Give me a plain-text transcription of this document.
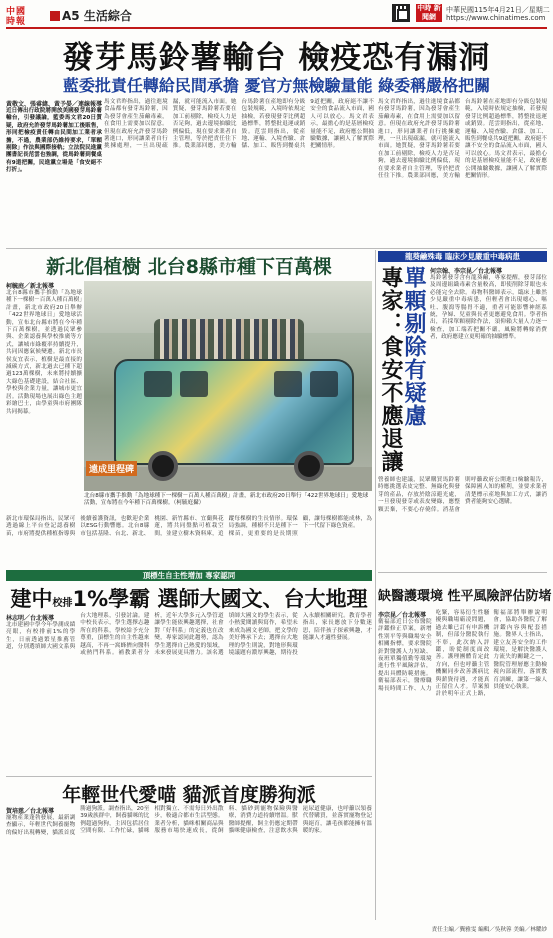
中國
時報	A5 生活綜合
中時 新聞網
中華民國115年4月21日／星期二
https://www.chinatimes.com
發芽馬鈴薯輸台 檢疫恐有漏洞
藍委批責任轉給民間承擔 憂官方無檢驗量能 綠委稱嚴格把關
黃敬文、張睿緯、黃予晏／連線報導
近日傳出行政院將開放美國發芽馬鈴薯輸台，引發議論，藍委馬文君20日質疑，政府允許發芽馬鈴薯加工後販售，形同把檢疫責任轉由民間加工業者承擔，不過，農業部仍維持要求，「單顆剔除」作法與國際接軌；立法院民進黨團書記長范雲也強調，從馬鈴薯到餐桌有9道把關，民進黨立場是「食安絕不打折」。
馬文君昨指出，過往進境食品都有發芽馬鈴薯，因為發芽會產生茄鹼毒素，在食用上需要加以留意。但現在政府允許發芽馬鈴薯進口，形同讓業者自行挑揀處理，一旦出現疏漏，就可能流入市面。她質疑，發芽馬鈴薯若要在加工前剔除，檢疫人力是否足夠，過去邊境抽驗比例偏低，現在要求業者自主管理，等於把責任往下推。農業部回應，美方輸台馬鈴薯在產地即有分級包裝規範，入境時依規定抽檢，若發現發芽比例超過標準，將整批退運或銷毀。范雲則指出，從產地、運輸、入境查驗、倉儲、加工、販售到餐桌共9道把關，政府絕不讓不安全的食品流入市面，國人可以放心。馬文君表示，最擔心的是基層檢疫量能不足，政府應公開抽驗數據，讓國人了解實際把關情形。
馬文君昨指出，過往進境食品都有發芽馬鈴薯，因為發芽會產生茄鹼毒素，在食用上需要加以留意。但現在政府允許發芽馬鈴薯進口，形同讓業者自行挑揀處理，一旦出現疏漏，就可能流入市面。她質疑，發芽馬鈴薯若要在加工前剔除，檢疫人力是否足夠，過去邊境抽驗比例偏低，現在要求業者自主管理，等於把責任往下推。農業部回應，美方輸台馬鈴薯在產地即有分級包裝規範，入境時依規定抽檢，若發現發芽比例超過標準，將整批退運或銷毀。范雲則指出，從產地、運輸、入境查驗、倉儲、加工、販售到餐桌共9道把關，政府絕不讓不安全的食品流入市面，國人可以放心。馬文君表示，最擔心的是基層檢疫量能不足，政府應公開抽驗數據，讓國人了解實際把關情形。
新北倡植樹 北台8縣市種下百萬棵
柯毓庭／新北報導
北台8縣市攜手推動「為地球種下一棵樹－百萬人種百萬樹」計畫，新北市政府20日舉辦「422世界地球日」愛地球活動，宣布北台縣市將在今年種下百萬棵樹，並透過民眾參與、企業認養與學校推廣等方式，讓城市綠覆率持續提升，共同因應氣候變遷。新北市長侯友宜表示，植樹是最直接的減碳方式，新北過去已種下超過123萬棵樹，未來將持續擴大綠色基礎建設，結合社區、學校與企業力量，讓城市更宜居。活動現場也展出綠色主題彩繪巴士，由學童與市府團隊共同揭幕。
遠成里程碑
北台8縣市攜手推動「為地球種下一棵樹－百萬人種百萬樹」計畫，新北市政府20日舉行「422世界地球日」愛地球活動，宣布將在今年種下百萬棵樹。（柯毓庭攝）
新北市環保局指出，民眾可透過線上平台登記認養樹苗，市府將提供種植指導與後續養護資訊，也歡迎企業以ESG行動響應。北台8縣市包括基隆、台北、新北、桃園、新竹縣市、宜蘭與花蓮，將共同盤點可植栽空間，並建立樹木資料庫，追蹤每棵樹的生長情形。環保局強調，種樹不只是種下一棵苗，更重要的是長期照顧，讓每棵樹都能成林，為下一代留下綠色資產。
龍葵鹼殊毒 臨床少見嚴重中毒病患
單顆剔除有疑慮
專家：食安不應退讓	何宗翰、李宗昆／台北報導
馬鈴薯發芽含有龍葵鹼，專家提醒，發芽部位及周邊組織毒素含量較高，即使削除芽眼也未必能完全去除。毒物科醫師表示，臨床上雖然少見嚴重中毒病患，但輕者會出現噁心、嘔吐、腹瀉等腸胃不適，重者可能影響神經系統，孕婦、兒童與長者更應避免食用。學者指出，若採單顆剔除作法，須仰賴大量人力逐一檢查，加工端若把關不嚴，風險將轉嫁消費者，政府應建立更明確的抽驗標準。
營養師也建議，民眾購買馬鈴薯時應挑選表皮完整、無綠化與發芽的產品，存放於陰涼避光處，一旦發現發芽或表皮變綠，應整顆丟棄，不要心存僥倖。消基會則呼籲政府公開進口檢驗報告，保障國人知的權利，並要求業者清楚標示產地與加工方式，讓消費者能夠安心選購。
頂標生自主性增加 專家認同
建中校排1%學霸 選師大國文、台大地理
林志明／台北報導
北市建國中學今年學測成績亮眼，有校排前1%的學生，日前透過繁星推薦管道，分別選填師大國文系與台大地理系，引發討論。建中校長表示，學生選擇志趣所在的科系，學校給予充分尊重，頂標生的自主性越來越高，不再一窩蜂擠向醫科或熱門科系。補教業者分析，近年大學多元入學管道讓學生能依興趣選擇，社會對「好科系」的定義也在改變，專家認同此趨勢，認為學生選擇自己熱愛的領域，未來發展更具潛力。該名選填師大國文的學生表示，從小熱愛閱讀與寫作，希望未來成為國文老師，把文學的美好傳承下去；選擇台大地理的學生則說，對地形與環境議題有濃厚興趣，期待投入永續相關研究。教育學者指出，家長應放下分數迷思，陪伴孩子探索興趣，才能讓人才適性發展。
缺醫護環境 性平風險評估防堵
李宗昆／台北報導
衛福部近日公布醫院評鑑修正草案，新增性別平等與職場安全相關指標，要求醫院針對醫護人力短缺、夜班單獨值勤等環境進行性平風險評估，提出具體防範措施。衛福部表示，醫療職場長時間工作、人力吃緊，容易衍生性騷擾與職場霸凌問題，過去雖已訂有申訴機制，但部分醫院執行不彰，此次納入評鑑，盼從制度面改善。護理團體肯定此方向，但也呼籲主管機關同步改善護病比與薪資待遇，才能真正留住人才。草案預計於明年正式上路，衛福部將舉辦說明會，協助各醫院了解評鑑內容與配套措施。醫界人士指出，建立友善安全的工作環境，是解決醫護人力流失的關鍵之一，醫院管理層應主動檢視內部流程，落實教育訓練，讓第一線人員能安心執業。
年輕世代愛喵 貓派首度勝狗派
賀培慈／台北報導
寵物產業蓬勃發展，最新調查顯示，年輕世代飼養寵物的偏好出現轉變，貓派首度勝過狗派。調查指出，20至39歲族群中，飼養貓咪的比例超過狗狗，主因包括居住空間有限、工作忙碌，貓咪相對獨立、不需每日外出散步，較適合都市生活型態。業者分析，貓咪相關商品與服務市場快速成長，從飼料、貓砂到寵物保險與醫療，消費力道持續增溫。獸醫師提醒，飼主仍應定期帶貓咪健康檢查，注意飲水與泌尿道健康，也呼籲以領養代替購買，並落實寵物登記與絕育，讓毛孩都能擁有溫暖的家。
責任主編／龔雅雯 編輯／吳秋蓉 美編／林耀紗
